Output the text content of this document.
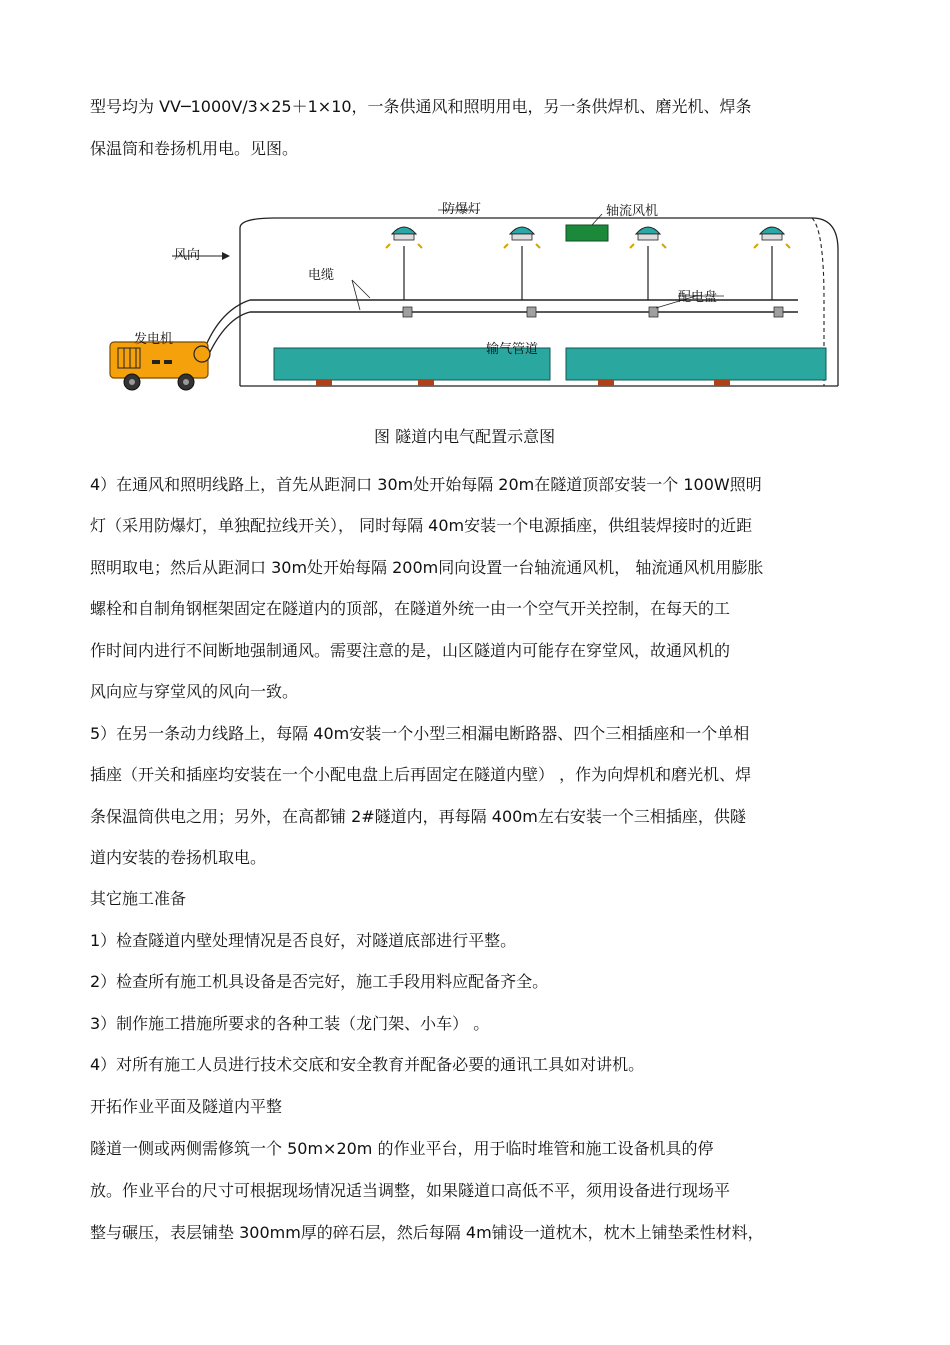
型号均为 VV─1000V/3×25＋1×10，一条供通风和照明用电，另一条供焊机、磨光机、焊条
保温筒和卷扬机用电。见图。
防爆灯	轴流风机
风向
电缆
配电盘
发电机
输气管道
图 隧道内电气配置示意图
4）在通风和照明线路上，首先从距洞口 30m处开始每隔 20m在隧道顶部安装一个 100W照明
灯（采用防爆灯，单独配拉线开关）， 同时每隔 40m安装一个电源插座，供组装焊接时的近距
照明取电；然后从距洞口 30m处开始每隔 200m同向设置一台轴流通风机， 轴流通风机用膨胀
螺栓和自制角钢框架固定在隧道内的顶部，在隧道外统一由一个空气开关控制，在每天的工
作时间内进行不间断地强制通风。需要注意的是，山区隧道内可能存在穿堂风，故通风机的
风向应与穿堂风的风向一致。
5）在另一条动力线路上，每隔 40m安装一个小型三相漏电断路器、四个三相插座和一个单相
插座（开关和插座均安装在一个小配电盘上后再固定在隧道内壁） ，作为向焊机和磨光机、焊
条保温筒供电之用；另外，在高都铺 2#隧道内，再每隔 400m左右安装一个三相插座，供隧
道内安装的卷扬机取电。
其它施工准备
1）检查隧道内壁处理情况是否良好，对隧道底部进行平整。
2）检查所有施工机具设备是否完好，施工手段用料应配备齐全。
3）制作施工措施所要求的各种工装（龙门架、小车） 。
4）对所有施工人员进行技术交底和安全教育并配备必要的通讯工具如对讲机。
开拓作业平面及隧道内平整
隧道一侧或两侧需修筑一个 50m×20m 的作业平台，用于临时堆管和施工设备机具的停
放。作业平台的尺寸可根据现场情况适当调整，如果隧道口高低不平，须用设备进行现场平
整与碾压，表层铺垫 300mm厚的碎石层，然后每隔 4m铺设一道枕木，枕木上铺垫柔性材料，
